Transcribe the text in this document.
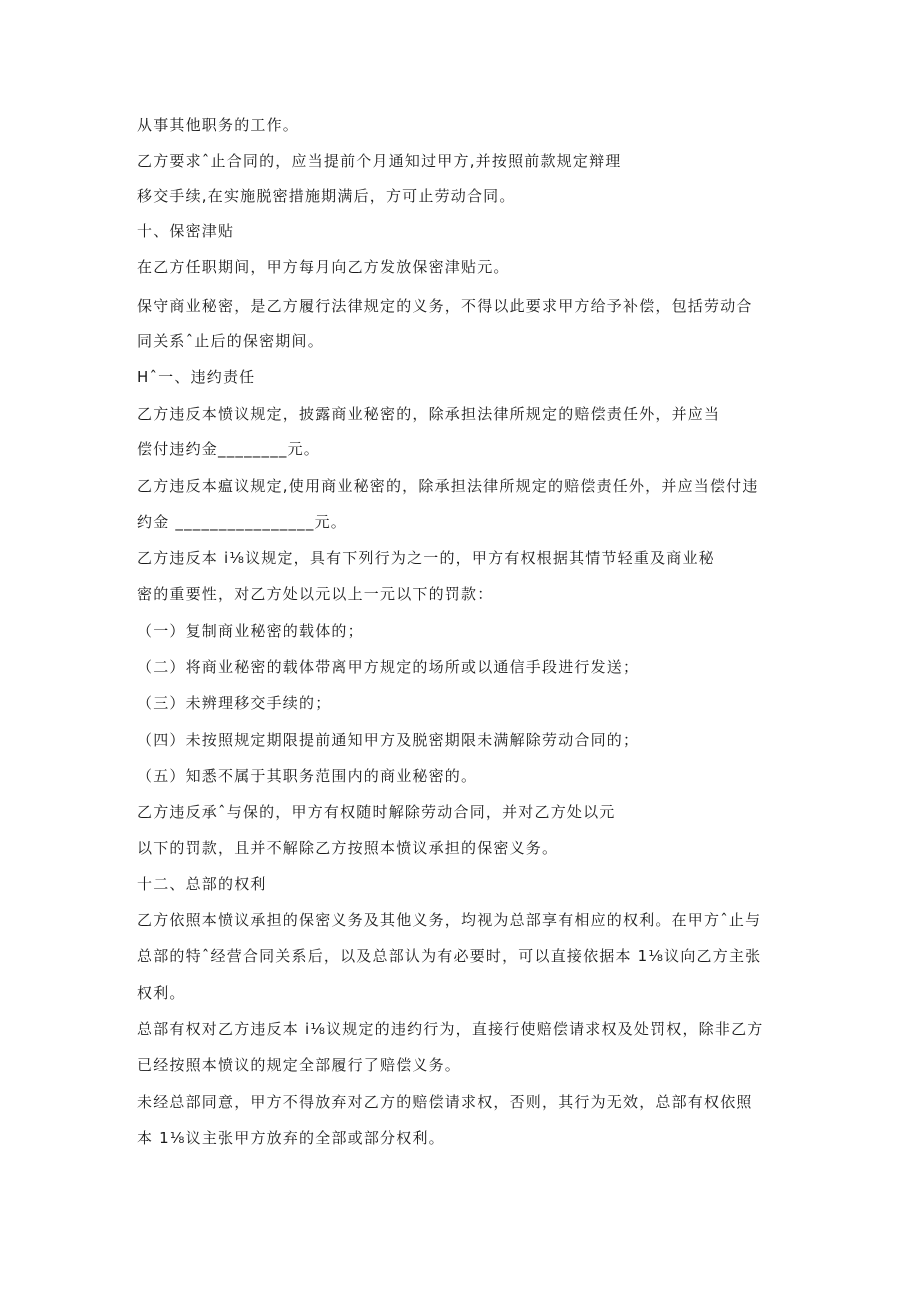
从事其他职务的工作。
乙方要求ˆ止合同的，应当提前个月通知过甲方,并按照前款规定辩理
移交手续,在实施脱密措施期满后，方可止劳动合同。
十、保密津贴
在乙方任职期间，甲方每月向乙方发放保密津贴元。
保守商业秘密，是乙方履行法律规定的义务，不得以此要求甲方给予补偿，包括劳动合
同关系ˆ止后的保密期间。
Hˆ一、违约责任
乙方违反本愤议规定，披露商业秘密的，除承担法律所规定的赔偿责任外，并应当
偿付违约金________元。
乙方违反本瘟议规定,使用商业秘密的，除承担法律所规定的赔偿责任外，并应当偿付违
约金 ________________元。
乙方违反本 i⅛议规定，具有下列行为之一的，甲方有权根据其情节轻重及商业秘
密的重要性，对乙方处以元以上一元以下的罚款：
（一）复制商业秘密的载体的；
（二）将商业秘密的载体带离甲方规定的场所或以通信手段进行发送；
（三）未辨理移交手续的；
（四）未按照规定期限提前通知甲方及脱密期限未满解除劳动合同的；
（五）知悉不属于其职务范围内的商业秘密的。
乙方违反承ˆ与保的，甲方有权随时解除劳动合同，并对乙方处以元
以下的罚款，且并不解除乙方按照本愤议承担的保密义务。
十二、总部的权利
乙方依照本愤议承担的保密义务及其他义务，均视为总部享有相应的权利。在甲方ˆ止与
总部的特ˆ经营合同关系后，以及总部认为有必要时，可以直接依据本 1⅛议向乙方主张
权利。
总部有权对乙方违反本 i⅛议规定的违约行为，直接行使赔偿请求权及处罚权，除非乙方
已经按照本愤议的规定全部履行了赔偿义务。
未经总部同意，甲方不得放弃对乙方的赔偿请求权，否则，其行为无效，总部有权依照
本 1⅛议主张甲方放弃的全部或部分权利。
